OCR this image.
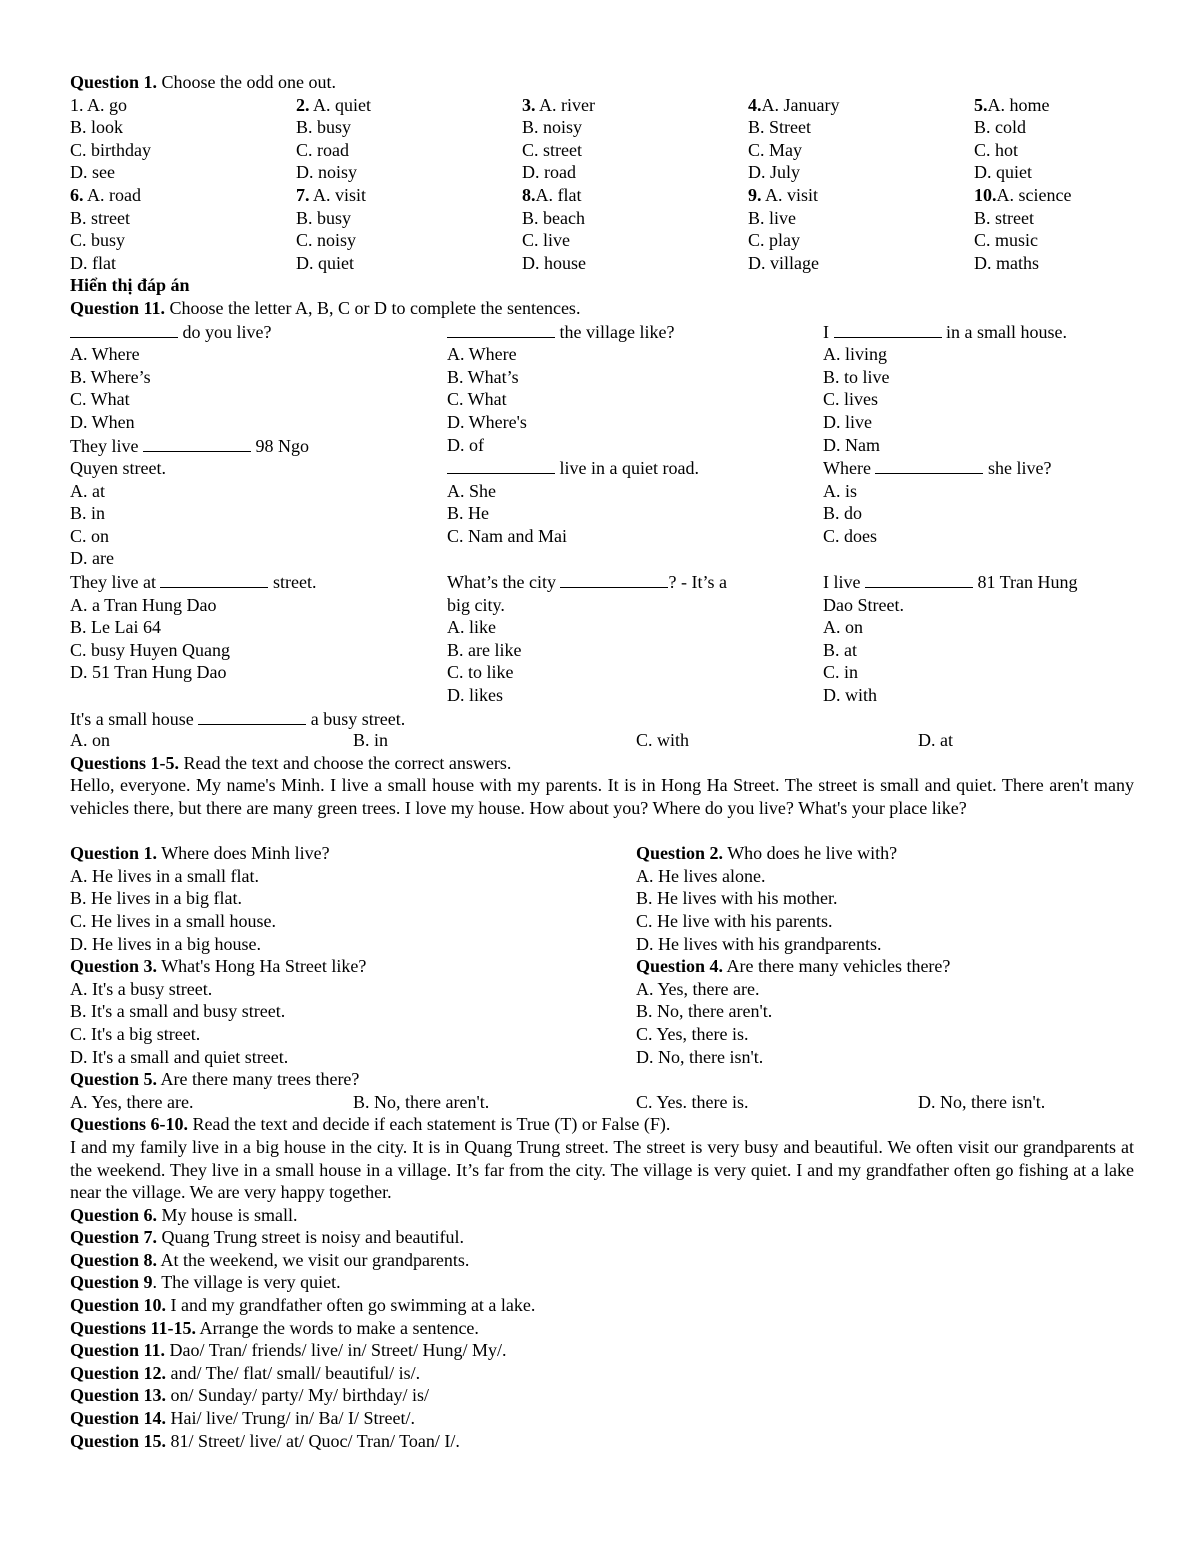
Question 1. Choose the odd one out.
1. A. go
B. look
C. birthday
D. see
6. A. road
B. street
C. busy
D. flat
2. A. quiet
B. busy
C. road
D. noisy
7. A. visit
B. busy
C. noisy
D. quiet
3. A. river
B. noisy
C. street
D. road
8.A. flat
B. beach
C. live
D. house
4.A. January
B. Street
C. May
D. July
9. A. visit
B. live
C. play
D. village
5.A. home
B. cold
C. hot
D. quiet
10.A. science
B. street
C. music
D. maths
Hiển thị đáp án
Question 11. Choose the letter A, B, C or D to complete the sentences.
do you live?
A. Where
B. Where’s
C. What
D. When
They live	98 Ngo
Quyen street.
A. at
B. in
C. on
D. are
the village like?
A. Where
B. What’s
C. What
D. Where's
D. of
live in a quiet road.
A. She
B. He
C. Nam and Mai
I	in a small house.
A. living
B. to live
C. lives
D. live
D. Nam
Where	she live?
A. is
B. do
C. does
They live at	street.
A. a Tran Hung Dao
B. Le Lai 64
C. busy Huyen Quang
D. 51 Tran Hung Dao
What’s the city	? - It’s a
big city.
A. like
B. are like
C. to like
D. likes
I live	81 Tran Hung
Dao Street.
A. on
B. at
C. in
D. with
It's a small house	a busy street.
A. on	B. in	C. with	D. at
Questions 1-5. Read the text and choose the correct answers.
Hello, everyone. My name's Minh. I live a small house with my parents. It is in Hong Ha Street. The street is small and quiet. There aren't many vehicles there, but there are many green trees. I love my house. How about you? Where do you live? What's your place like?
Question 1. Where does Minh live?
A. He lives in a small flat.
B. He lives in a big flat.
C. He lives in a small house.
D. He lives in a big house.
Question 2. Who does he live with?
A. He lives alone.
B. He lives with his mother.
C. He live with his parents.
D. He lives with his grandparents.
Question 3. What's Hong Ha Street like?
A. It's a busy street.
B. It's a small and busy street.
C. It's a big street.
D. It's a small and quiet street.
Question 4. Are there many vehicles there?
A. Yes, there are.
B. No, there aren't.
C. Yes, there is.
D. No, there isn't.
Question 5. Are there many trees there?
A. Yes, there are.	B. No, there aren't.	C. Yes. there is.	D. No, there isn't.
Questions 6-10. Read the text and decide if each statement is True (T) or False (F).
I and my family live in a big house in the city. It is in Quang Trung street. The street is very busy and beautiful. We often visit our grandparents at the weekend. They live in a small house in a village. It’s far from the city. The village is very quiet. I and my grandfather often go fishing at a lake near the village. We are very happy together.
Question 6. My house is small.
Question 7. Quang Trung street is noisy and beautiful.
Question 8. At the weekend, we visit our grandparents.
Question 9. The village is very quiet.
Question 10. I and my grandfather often go swimming at a lake.
Questions 11-15. Arrange the words to make a sentence.
Question 11. Dao/ Tran/ friends/ live/ in/ Street/ Hung/ My/.
Question 12. and/ The/ flat/ small/ beautiful/ is/.
Question 13. on/ Sunday/ party/ My/ birthday/ is/
Question 14. Hai/ live/ Trung/ in/ Ba/ I/ Street/.
Question 15. 81/ Street/ live/ at/ Quoc/ Tran/ Toan/ I/.
